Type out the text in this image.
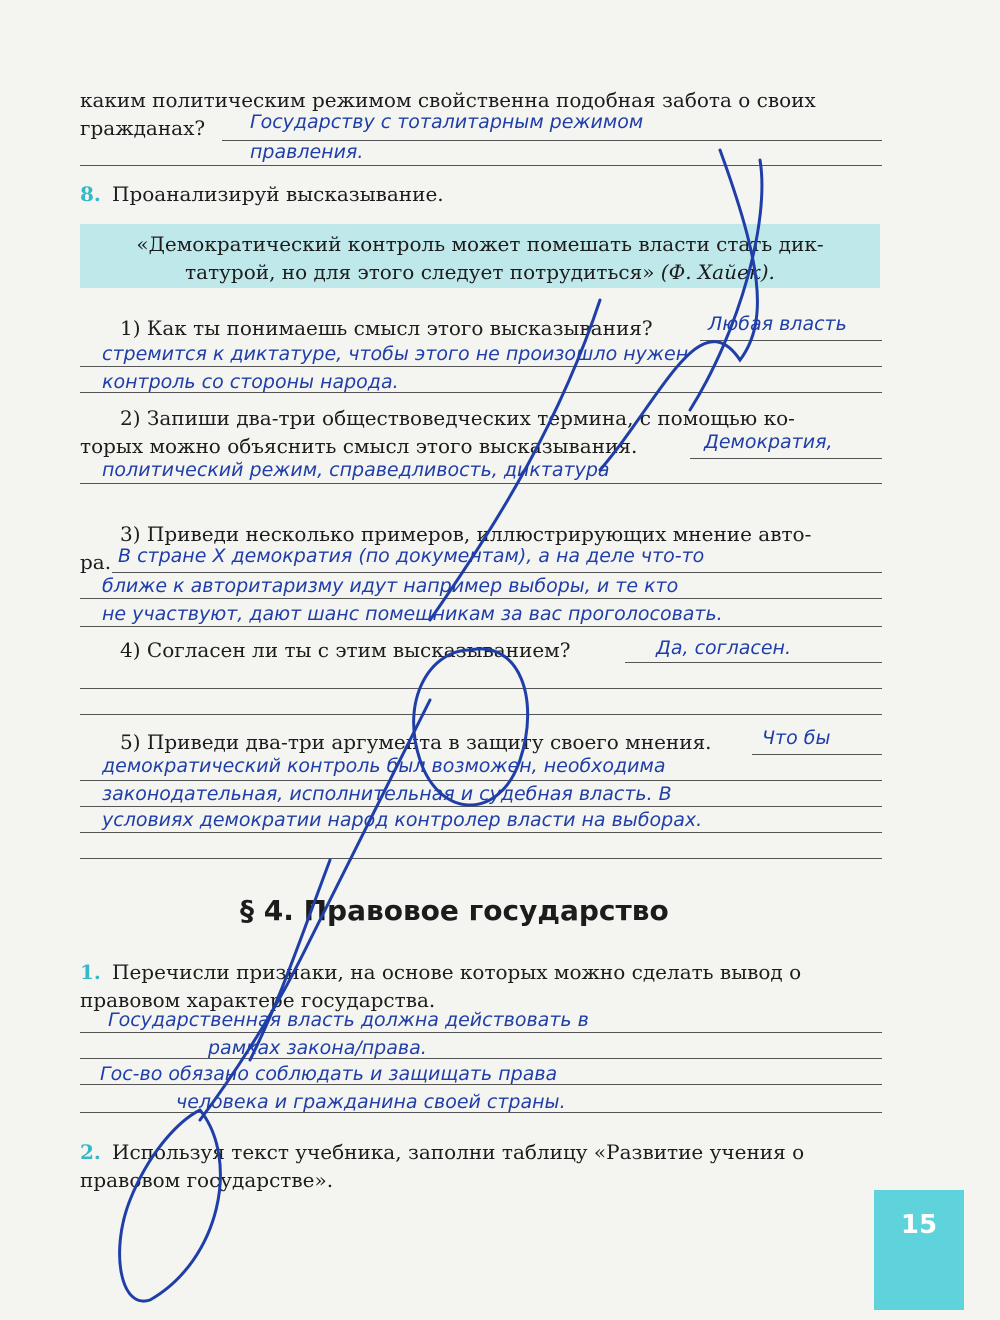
каким политическим режимом свойственна подобная забота о своих
гражданах? Государству с тоталитарным режимом
правления.
8. Проанализируй высказывание.
«Демократический контроль может помешать власти стать дик-
татурой, но для этого следует потрудиться» (Ф. Хайек).
1) Как ты понимаешь смысл этого высказывания?	Любая власть
стремится к диктатуре, чтобы этого не произошло нужен
контроль со стороны народа.
2) Запиши два-три обществоведческих термина, с помощью ко-
торых можно объяснить смысл этого высказывания.	Демократия,
политический режим, справедливость, диктатура
3) Приведи несколько примеров, иллюстрирующих мнение авто-
ра. В стране Х демократия (по документам), а на деле что-то
ближе к авторитаризму идут например выборы, и те кто
не участвуют, дают шанс помешникам за вас проголосовать.
4) Согласен ли ты с этим высказыванием?	Да, согласен.
5) Приведи два-три аргумента в защиту своего мнения.	Что бы
демократический контроль был возможен, необходима
законодательная, исполнительная и судебная власть. В
условиях демократии народ контролер власти на выборах.
§ 4. Правовое государство
1. Перечисли признаки, на основе которых можно сделать вывод о
правовом характере государства.
Государственная власть должна действовать в
рамках закона/права.
Гос-во обязано соблюдать и защищать права
человека и гражданина своей страны.
2. Используя текст учебника, заполни таблицу «Развитие учения о
правовом государстве».
15
